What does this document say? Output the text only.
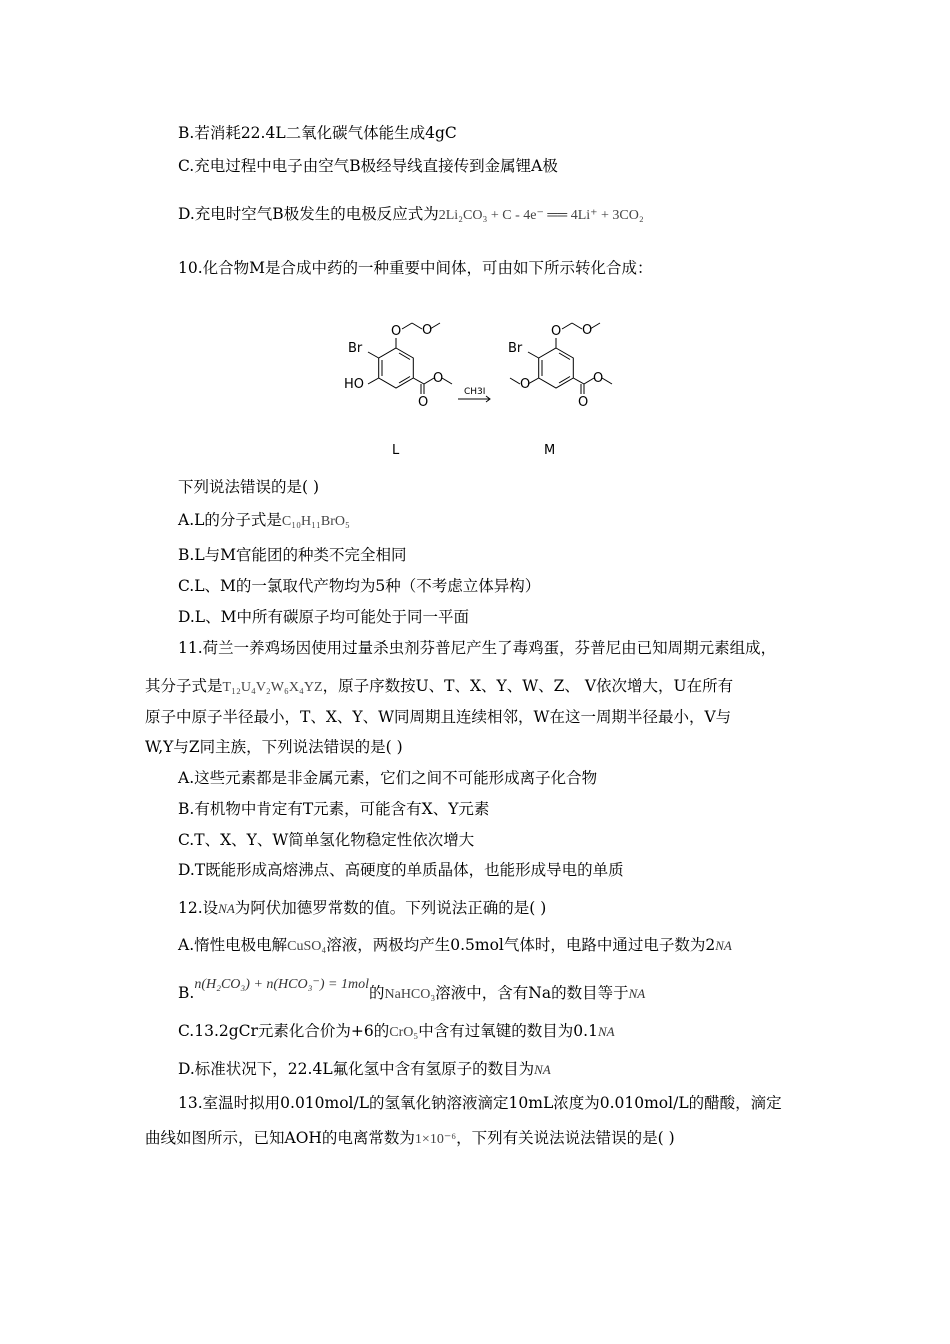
B.若消耗22.4L二氧化碳气体能生成4gC
C.充电过程中电子由空气B极经导线直接传到金属锂A极
D.充电时空气B极发生的电极反应式为2Li₂CO₃ + C - 4e⁻ ══ 4Li⁺ + 3CO₂
10.化合物M是合成中药的一种重要中间体，可由如下所示转化合成：
O O
Br
HO
O
O
CH3I
O O
Br
O
O
O
L	M
下列说法错误的是( )
A.L的分子式是C₁₀H₁₁BrO₅
B.L与M官能团的种类不完全相同
C.L、M的一氯取代产物均为5种（不考虑立体异构）
D.L、M中所有碳原子均可能处于同一平面
11.荷兰一养鸡场因使用过量杀虫剂芬普尼产生了毒鸡蛋，芬普尼由已知周期元素组成，
其分子式是T₁₂U₄V₂W₆X₄YZ，原子序数按U、T、X、Y、W、Z、 V依次增大，U在所有
原子中原子半径最小，T、X、Y、W同周期且连续相邻，W在这一周期半径最小，V与
W,Y与Z同主族，下列说法错误的是( )
A.这些元素都是非金属元素，它们之间不可能形成离子化合物
B.有机物中肯定有T元素，可能含有X、Y元素
C.T、X、Y、W简单氢化物稳定性依次增大
D.T既能形成高熔沸点、高硬度的单质晶体，也能形成导电的单质
12.设NA为阿伏加德罗常数的值。下列说法正确的是( )
A.惰性电极电解CuSO₄溶液，两极均产生0.5mol气体时，电路中通过电子数为2NA
B.n(H₂CO₃) + n(HCO₃⁻) = 1mol的NaHCO₃溶液中，含有Na的数目等于NA
C.13.2gCr元素化合价为+6的CrO₅中含有过氧键的数目为0.1NA
D.标准状况下，22.4L氟化氢中含有氢原子的数目为NA
13.室温时拟用0.010mol/L的氢氧化钠溶液滴定10mL浓度为0.010mol/L的醋酸，滴定
曲线如图所示，已知AOH的电离常数为1×10⁻⁶，下列有关说法说法错误的是( )
